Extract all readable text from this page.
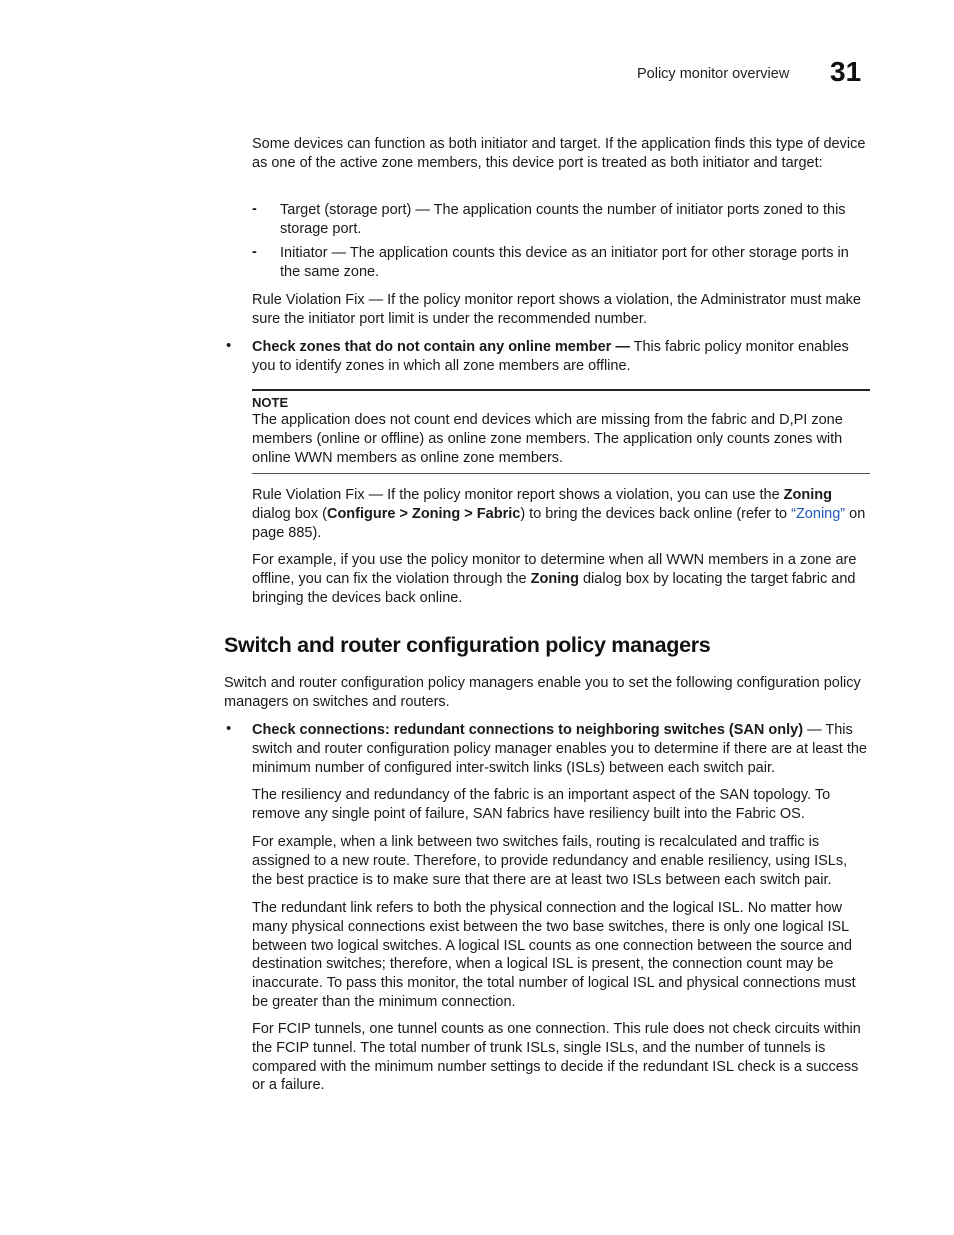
Policy monitor overview 31
Some devices can function as both initiator and target. If the application finds this type of device as one of the active zone members, this device port is treated as both initiator and target:
- Target (storage port) — The application counts the number of initiator ports zoned to this storage port.
- Initiator — The application counts this device as an initiator port for other storage ports in the same zone.
Rule Violation Fix — If the policy monitor report shows a violation, the Administrator must make sure the initiator port limit is under the recommended number.
• Check zones that do not contain any online member — This fabric policy monitor enables you to identify zones in which all zone members are offline.
NOTE
The application does not count end devices which are missing from the fabric and D,PI zone members (online or offline) as online zone members. The application only counts zones with online WWN members as online zone members.
Rule Violation Fix — If the policy monitor report shows a violation, you can use the Zoning dialog box (Configure > Zoning > Fabric) to bring the devices back online (refer to “Zoning” on page 885).
For example, if you use the policy monitor to determine when all WWN members in a zone are offline, you can fix the violation through the Zoning dialog box by locating the target fabric and bringing the devices back online.
Switch and router configuration policy managers
Switch and router configuration policy managers enable you to set the following configuration policy managers on switches and routers.
• Check connections: redundant connections to neighboring switches (SAN only) — This switch and router configuration policy manager enables you to determine if there are at least the minimum number of configured inter-switch links (ISLs) between each switch pair.
The resiliency and redundancy of the fabric is an important aspect of the SAN topology. To remove any single point of failure, SAN fabrics have resiliency built into the Fabric OS.
For example, when a link between two switches fails, routing is recalculated and traffic is assigned to a new route. Therefore, to provide redundancy and enable resiliency, using ISLs, the best practice is to make sure that there are at least two ISLs between each switch pair.
The redundant link refers to both the physical connection and the logical ISL. No matter how many physical connections exist between the two base switches, there is only one logical ISL between two logical switches. A logical ISL counts as one connection between the source and destination switches; therefore, when a logical ISL is present, the connection count may be inaccurate. To pass this monitor, the total number of logical ISL and physical connections must be greater than the minimum connection.
For FCIP tunnels, one tunnel counts as one connection. This rule does not check circuits within the FCIP tunnel. The total number of trunk ISLs, single ISLs, and the number of tunnels is compared with the minimum number settings to decide if the redundant ISL check is a success or a failure.
